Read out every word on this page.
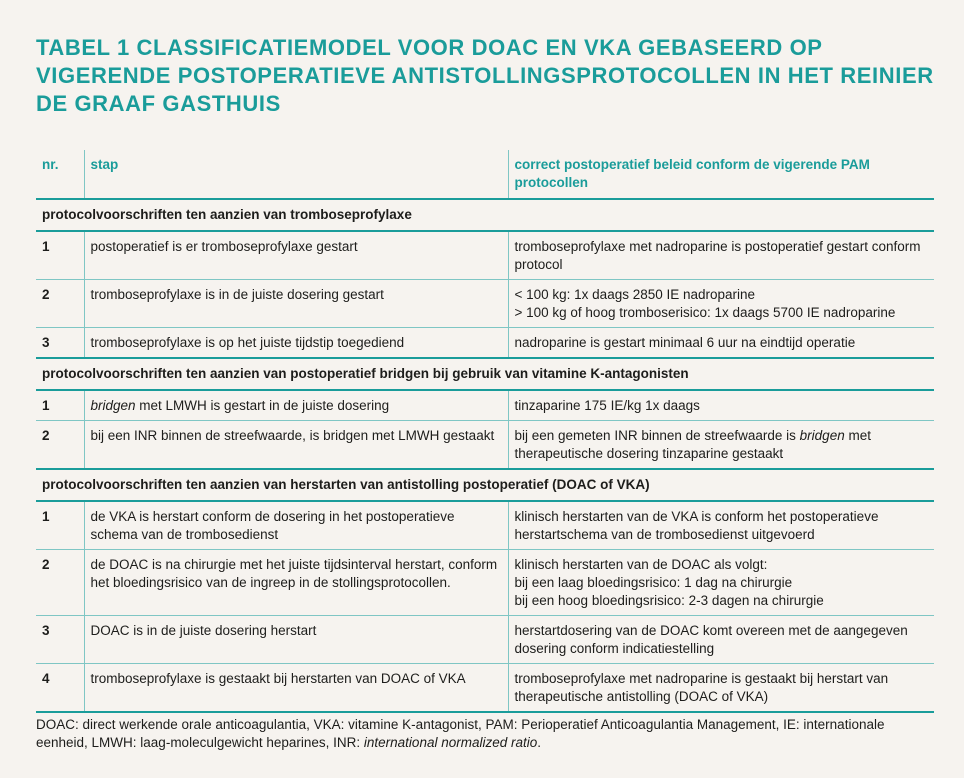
TABEL 1 CLASSIFICATIEMODEL VOOR DOAC EN VKA GEBASEERD OP VIGERENDE POSTOPERATIEVE ANTISTOLLINGSPROTOCOLLEN IN HET REINIER DE GRAAF GASTHUIS
nr.	stap	correct postoperatief beleid conform de vigerende PAM protocollen
protocolvoorschriften ten aanzien van tromboseprofylaxe		
1	postoperatief is er tromboseprofylaxe gestart	tromboseprofylaxe met nadroparine is postoperatief gestart conform protocol
2	tromboseprofylaxe is in de juiste dosering gestart	< 100 kg: 1x daags 2850 IE nadroparine
> 100 kg of hoog tromboserisico: 1x daags 5700 IE nadroparine

3	tromboseprofylaxe is op het juiste tijdstip toegediend	nadroparine is gestart minimaal 6 uur na eindtijd operatie
protocolvoorschriften ten aanzien van postoperatief bridgen bij gebruik van vitamine K-antagonisten		
1	bridgen met LMWH is gestart in de juiste dosering	tinzaparine 175 IE/kg 1x daags
2	bij een INR binnen de streefwaarde, is bridgen met LMWH gestaakt	bij een gemeten INR binnen de streefwaarde is bridgen met therapeutische dosering tinzaparine gestaakt
protocolvoorschriften ten aanzien van herstarten van antistolling postoperatief (DOAC of VKA)		
1	de VKA is herstart conform de dosering in het postoperatieve schema van de trombosedienst	klinisch herstarten van de VKA is conform het postoperatieve herstartschema van de trombosedienst uitgevoerd
2	de DOAC is na chirurgie met het juiste tijdsinterval herstart, conform het bloedingsrisico van de ingreep in de stollingsprotocollen.	klinisch herstarten van de DOAC als volgt:
bij een laag bloedingsrisico: 1 dag na chirurgie
bij een hoog bloedingsrisico: 2-3 dagen na chirurgie

3	DOAC is in de juiste dosering herstart	herstartdosering van de DOAC komt overeen met de aangegeven dosering conform indicatiestelling
4	tromboseprofylaxe is gestaakt bij herstarten van DOAC of VKA	tromboseprofylaxe met nadroparine is gestaakt bij herstart van therapeutische antistolling (DOAC of VKA)

DOAC: direct werkende orale anticoagulantia, VKA: vitamine K-antagonist, PAM: Perioperatief Anticoagulantia Management, IE: internationale eenheid, LMWH: laag-moleculgewicht heparines, INR: international normalized ratio.
